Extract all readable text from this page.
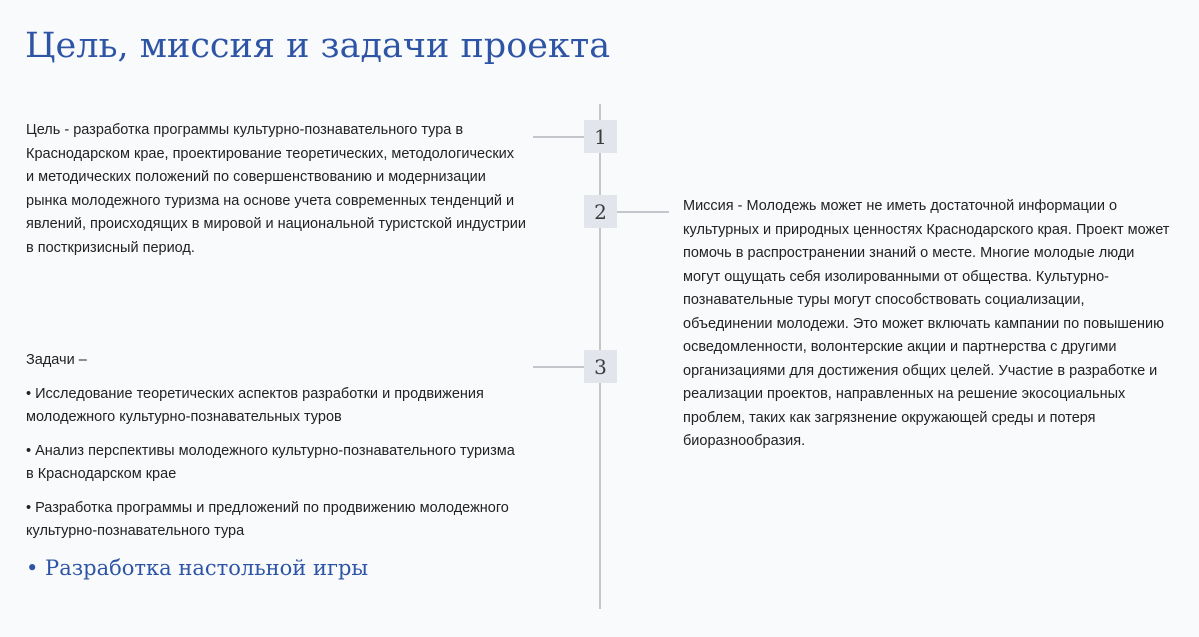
Цель, миссия и задачи проекта
1
2
3

Цель - разработка программы культурно-познавательного тура в Краснодарском крае, проектирование теоретических, методологических и методических положений по совершенствованию и модернизации рынка молодежного туризма на основе учета современных тенденций и явлений, происходящих в мировой и национальной туристской индустрии в посткризисный период.

Миссия - Молодежь может не иметь достаточной информации о культурных и природных ценностях Краснодарского края. Проект может помочь в распространении знаний о месте. Многие молодые люди могут ощущать себя изолированными от общества. Культурно-познавательные туры могут способствовать социализации, объединении молодежи. Это может включать кампании по повышению осведомленности, волонтерские акции и партнерства с другими организациями для достижения общих целей. Участие в разработке и реализации проектов, направленных на решение экосоциальных проблем, таких как загрязнение окружающей среды и потеря биоразнообразия.

Задачи –

• Исследование теоретических аспектов разработки и продвижения молодежного культурно-познавательных туров

• Анализ перспективы молодежного культурно-познавательного туризма в Краснодарском крае

• Разработка программы и предложений по продвижению молодежного культурно-познавательного тура

• Разработка настольной игры
